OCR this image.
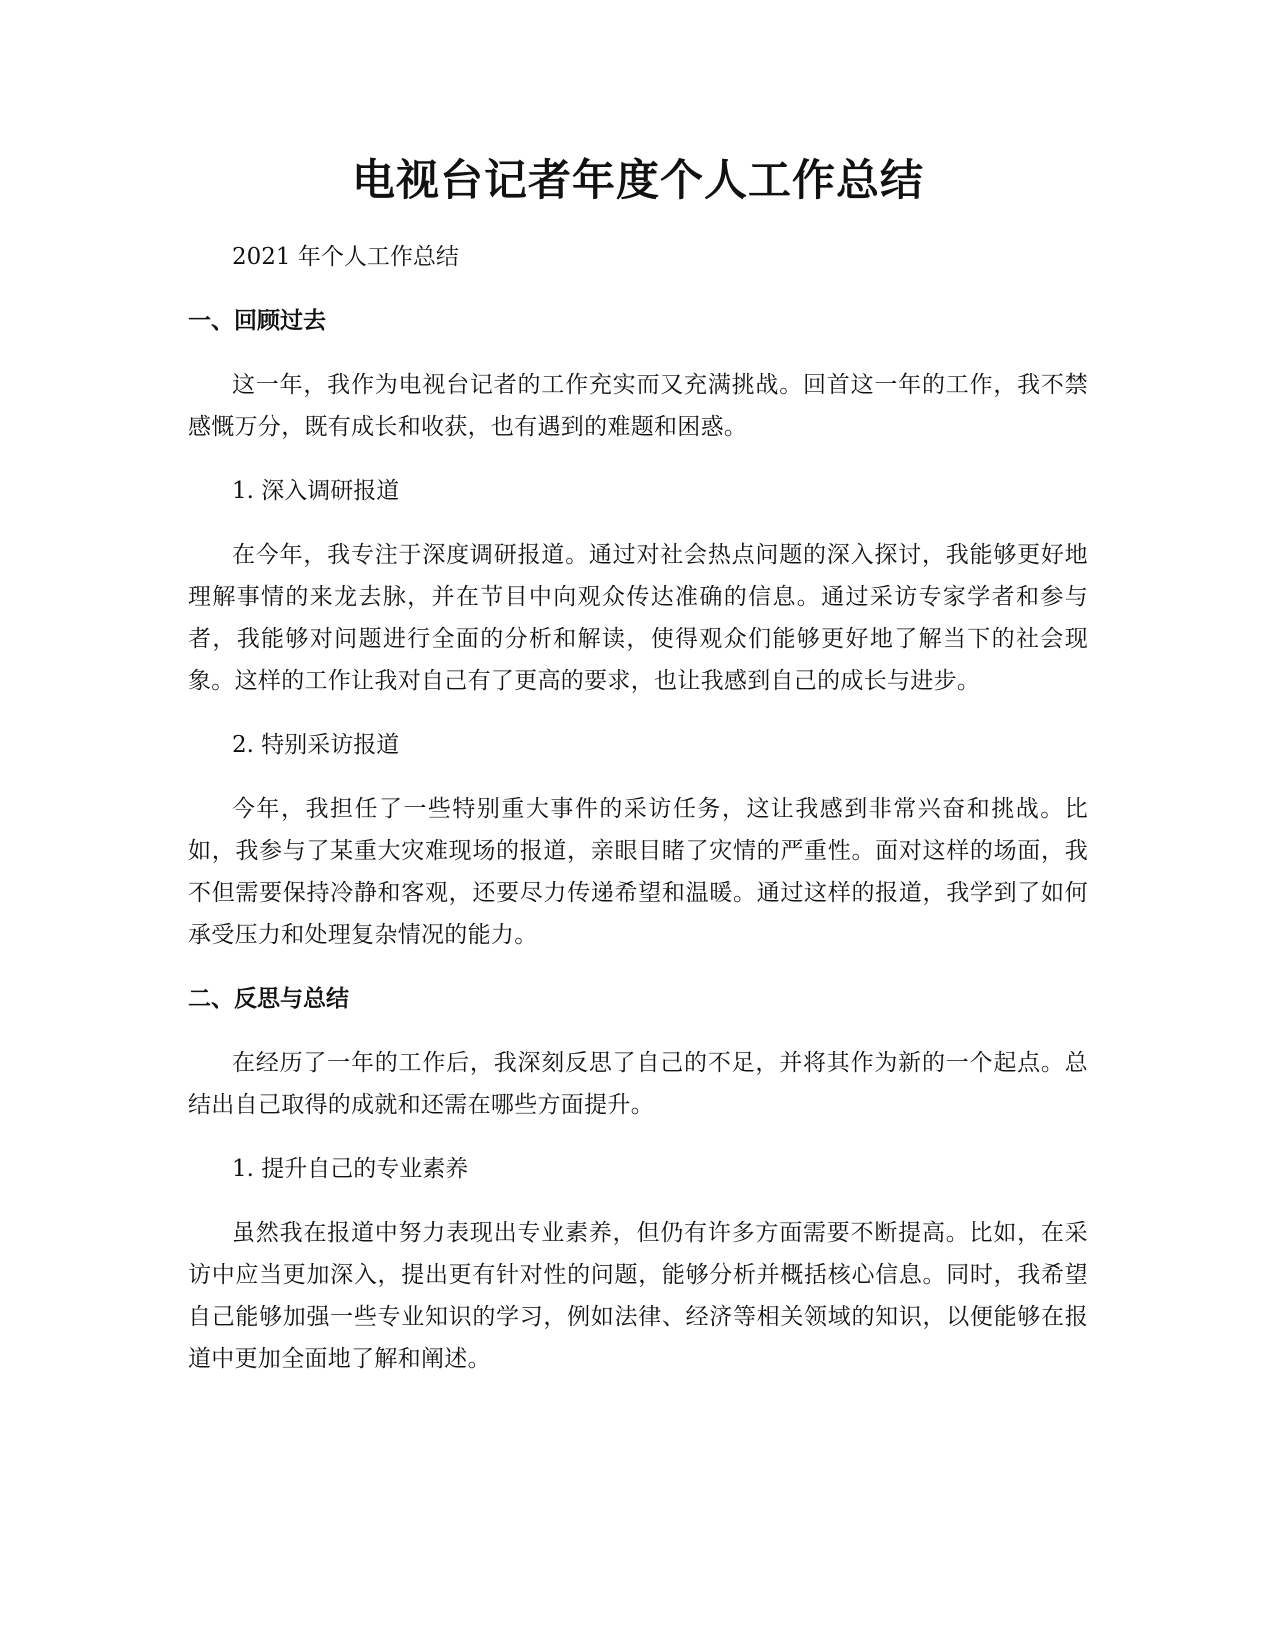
电视台记者年度个人工作总结

2021 年个人工作总结

一、回顾过去

这一年，我作为电视台记者的工作充实而又充满挑战。回首这一年的工作，我不禁感慨万分，既有成长和收获，也有遇到的难题和困惑。

1. 深入调研报道

在今年，我专注于深度调研报道。通过对社会热点问题的深入探讨，我能够更好地理解事情的来龙去脉，并在节目中向观众传达准确的信息。通过采访专家学者和参与者，我能够对问题进行全面的分析和解读，使得观众们能够更好地了解当下的社会现象。这样的工作让我对自己有了更高的要求，也让我感到自己的成长与进步。

2. 特别采访报道

今年，我担任了一些特别重大事件的采访任务，这让我感到非常兴奋和挑战。比如，我参与了某重大灾难现场的报道，亲眼目睹了灾情的严重性。面对这样的场面，我不但需要保持冷静和客观，还要尽力传递希望和温暖。通过这样的报道，我学到了如何承受压力和处理复杂情况的能力。

二、反思与总结

在经历了一年的工作后，我深刻反思了自己的不足，并将其作为新的一个起点。总结出自己取得的成就和还需在哪些方面提升。

1. 提升自己的专业素养

虽然我在报道中努力表现出专业素养，但仍有许多方面需要不断提高。比如，在采访中应当更加深入，提出更有针对性的问题，能够分析并概括核心信息。同时，我希望自己能够加强一些专业知识的学习，例如法律、经济等相关领域的知识，以便能够在报道中更加全面地了解和阐述。
